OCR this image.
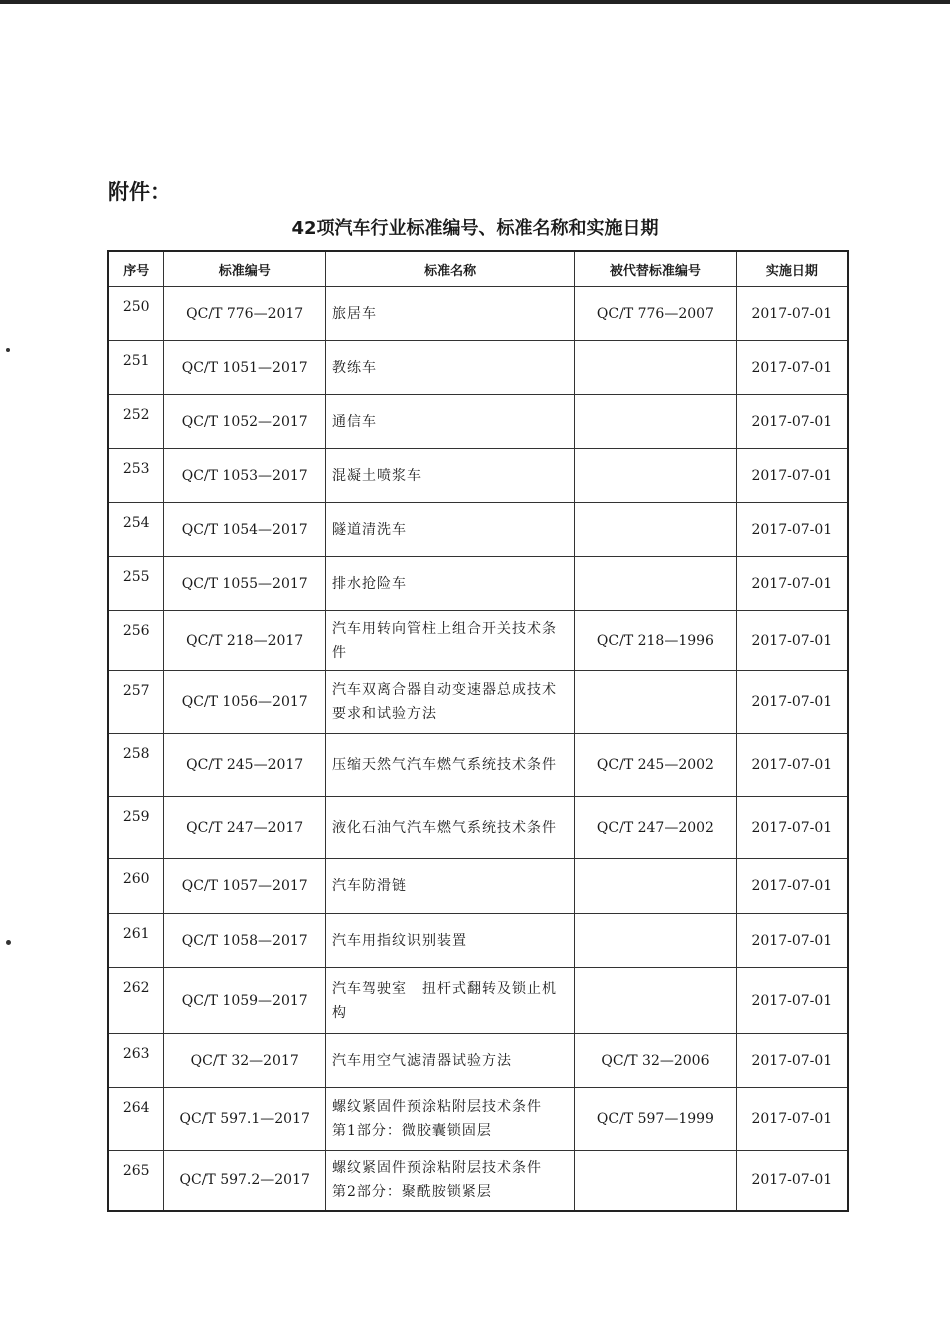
附件：
42项汽车行业标准编号、标准名称和实施日期
序号	标准编号	标准名称	被代替标准编号	实施日期
250	QC/T 776—2017	旅居车	QC/T 776—2007	2017-07-01
251	QC/T 1051—2017	教练车		2017-07-01
252	QC/T 1052—2017	通信车		2017-07-01
253	QC/T 1053—2017	混凝土喷浆车		2017-07-01
254	QC/T 1054—2017	隧道清洗车		2017-07-01
255	QC/T 1055—2017	排水抢险车		2017-07-01
256	QC/T 218—2017	汽车用转向管柱上组合开关技术条件	QC/T 218—1996	2017-07-01
257	QC/T 1056—2017	汽车双离合器自动变速器总成技术要求和试验方法		2017-07-01
258	QC/T 245—2017	压缩天然气汽车燃气系统技术条件	QC/T 245—2002	2017-07-01
259	QC/T 247—2017	液化石油气汽车燃气系统技术条件	QC/T 247—2002	2017-07-01
260	QC/T 1057—2017	汽车防滑链		2017-07-01
261	QC/T 1058—2017	汽车用指纹识别装置		2017-07-01
262	QC/T 1059—2017	汽车驾驶室　扭杆式翻转及锁止机构		2017-07-01
263	QC/T 32—2017	汽车用空气滤清器试验方法	QC/T 32—2006	2017-07-01
264	QC/T 597.1—2017	螺纹紧固件预涂粘附层技术条件　第1部分：微胶囊锁固层	QC/T 597—1999	2017-07-01
265	QC/T 597.2—2017	螺纹紧固件预涂粘附层技术条件　第2部分：聚酰胺锁紧层		2017-07-01
